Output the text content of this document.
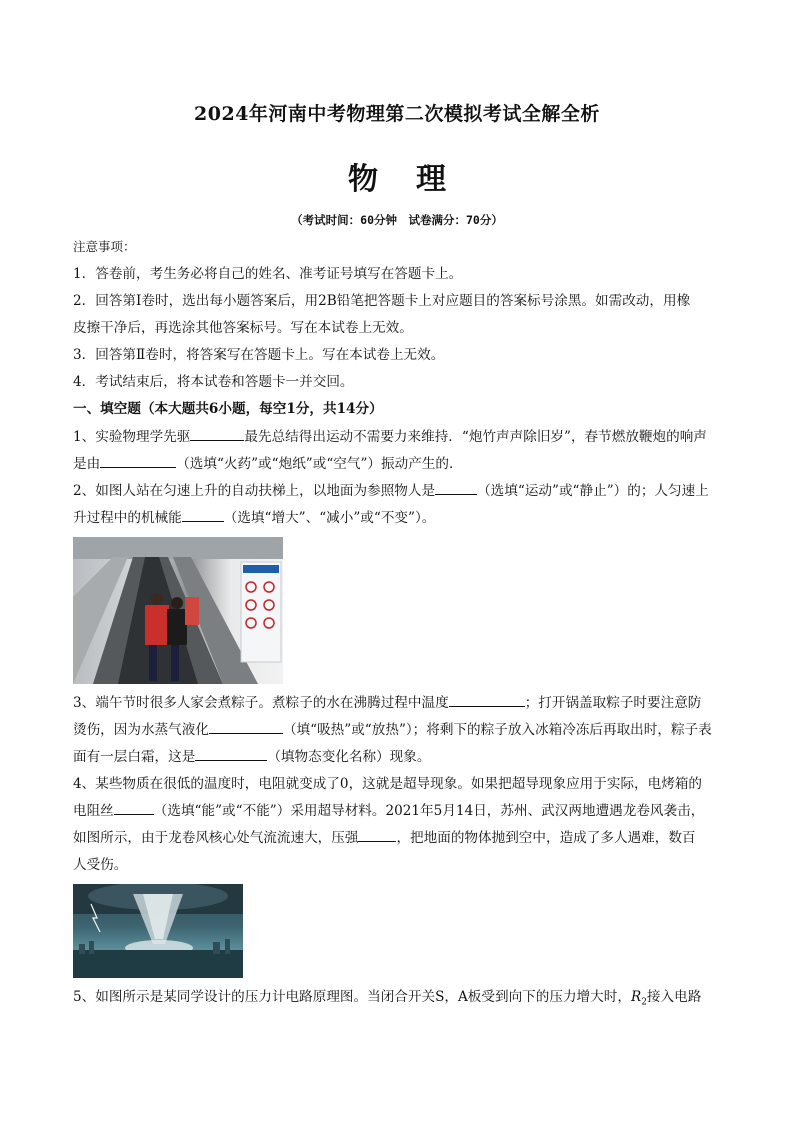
2024年河南中考物理第二次模拟考试全解全析
物理
（考试时间：60分钟　试卷满分：70分）
注意事项：
1．答卷前，考生务必将自己的姓名、准考证号填写在答题卡上。
2．回答第Ⅰ卷时，选出每小题答案后，用2B铅笔把答题卡上对应题目的答案标号涂黑。如需改动，用橡
皮擦干净后，再选涂其他答案标号。写在本试卷上无效。
3．回答第Ⅱ卷时，将答案写在答题卡上。写在本试卷上无效。
4．考试结束后，将本试卷和答题卡一并交回。
一、填空题（本大题共6小题，每空1分，共14分）
1、实验物理学先驱	最先总结得出运动不需要力来维持．“炮竹声声除旧岁”，春节燃放鞭炮的响声
是由	（选填“火药”或“炮纸”或“空气”）振动产生的．
2、如图人站在匀速上升的自动扶梯上，以地面为参照物人是	（选填“运动”或“静止”）的；人匀速上
升过程中的机械能	（选填“增大”、“减小”或“不变”）。
3、端午节时很多人家会煮粽子。煮粽子的水在沸腾过程中温度	；打开锅盖取粽子时要注意防
烫伤，因为水蒸气液化	（填“吸热”或“放热”）；将剩下的粽子放入冰箱冷冻后再取出时，粽子表
面有一层白霜，这是	（填物态变化名称）现象。
4、某些物质在很低的温度时，电阻就变成了0，这就是超导现象。如果把超导现象应用于实际，电烤箱的
电阻丝	（选填“能”或“不能”）采用超导材料。2021年5月14日，苏州、武汉两地遭遇龙卷风袭击，
如图所示，由于龙卷风核心处气流流速大，压强	，把地面的物体抛到空中，造成了多人遇难，数百
人受伤。
5、如图所示是某同学设计的压力计电路原理图。当闭合开关S，A板受到向下的压力增大时，$R_2$接入电路
